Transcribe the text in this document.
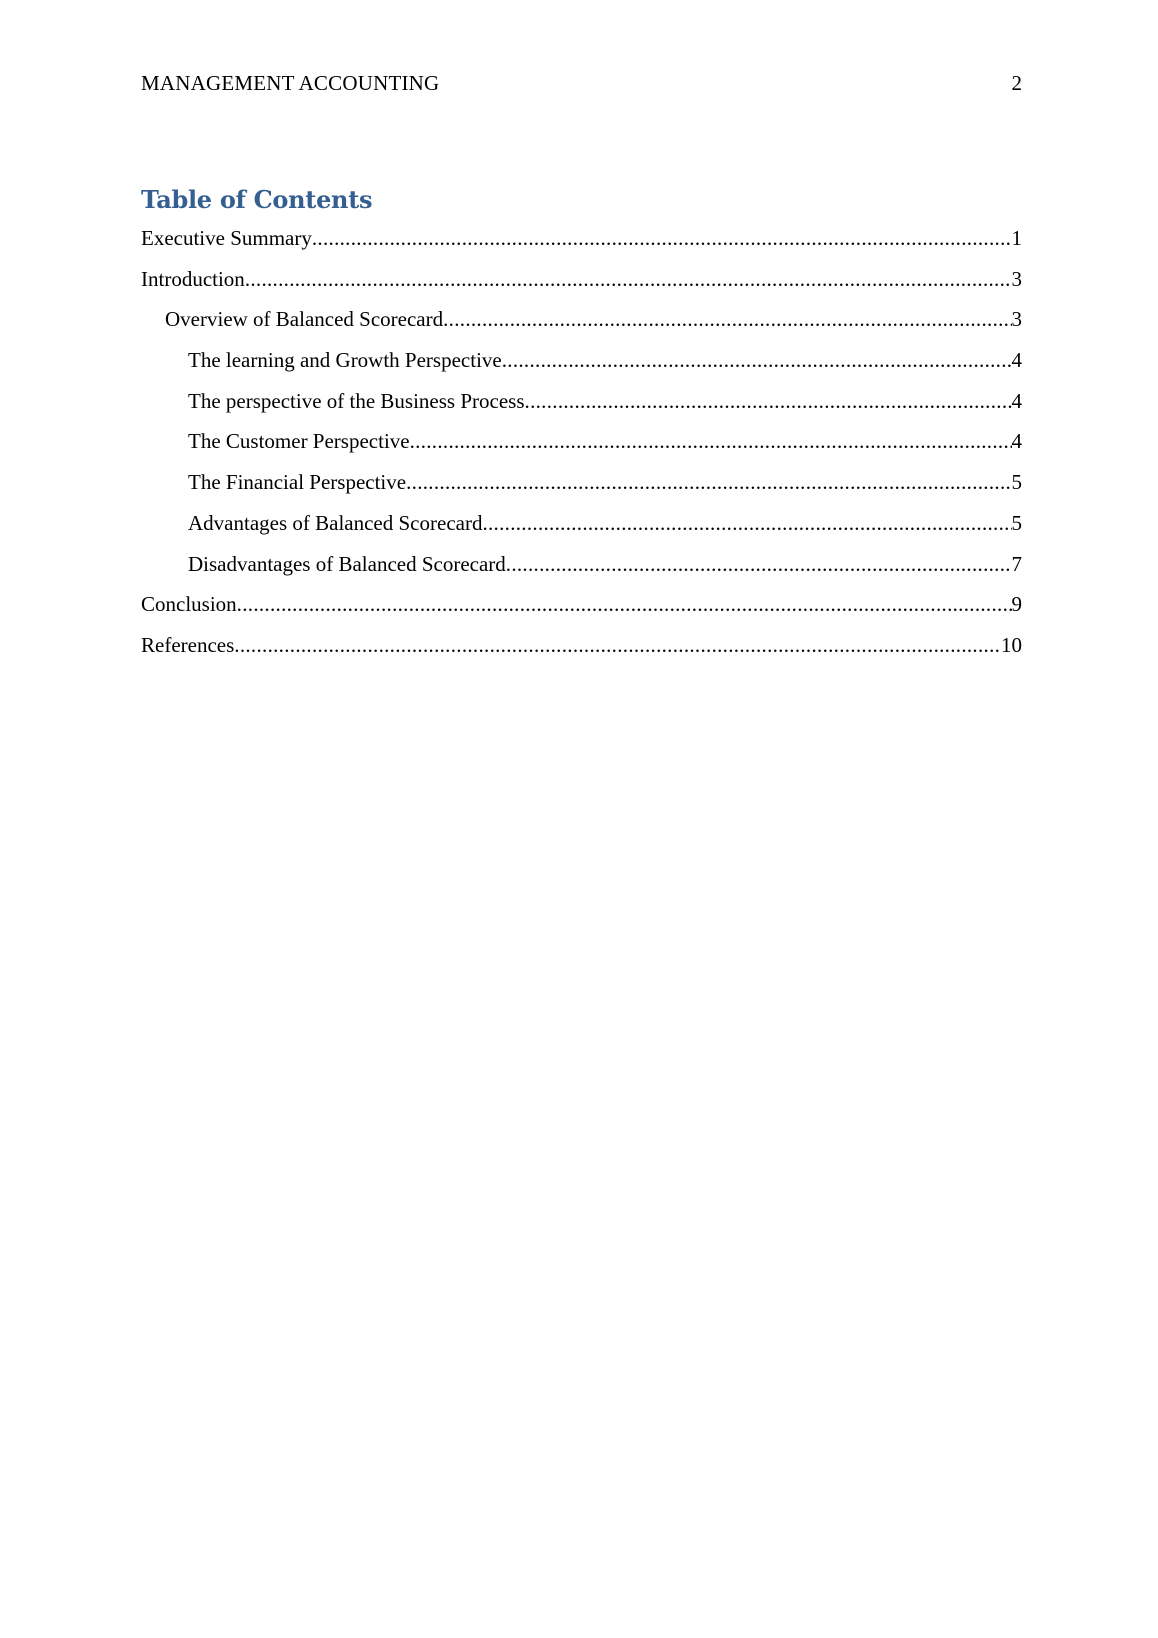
MANAGEMENT ACCOUNTING	2
Table of Contents
Executive Summary .....	1
Introduction .....	3
Overview of Balanced Scorecard .....	3
The learning and Growth Perspective .....	4
The perspective of the Business Process .....	4
The Customer Perspective .....	4
The Financial Perspective .....	5
Advantages of Balanced Scorecard .....	5
Disadvantages of Balanced Scorecard .....	7
Conclusion .....	9
References .....	10
